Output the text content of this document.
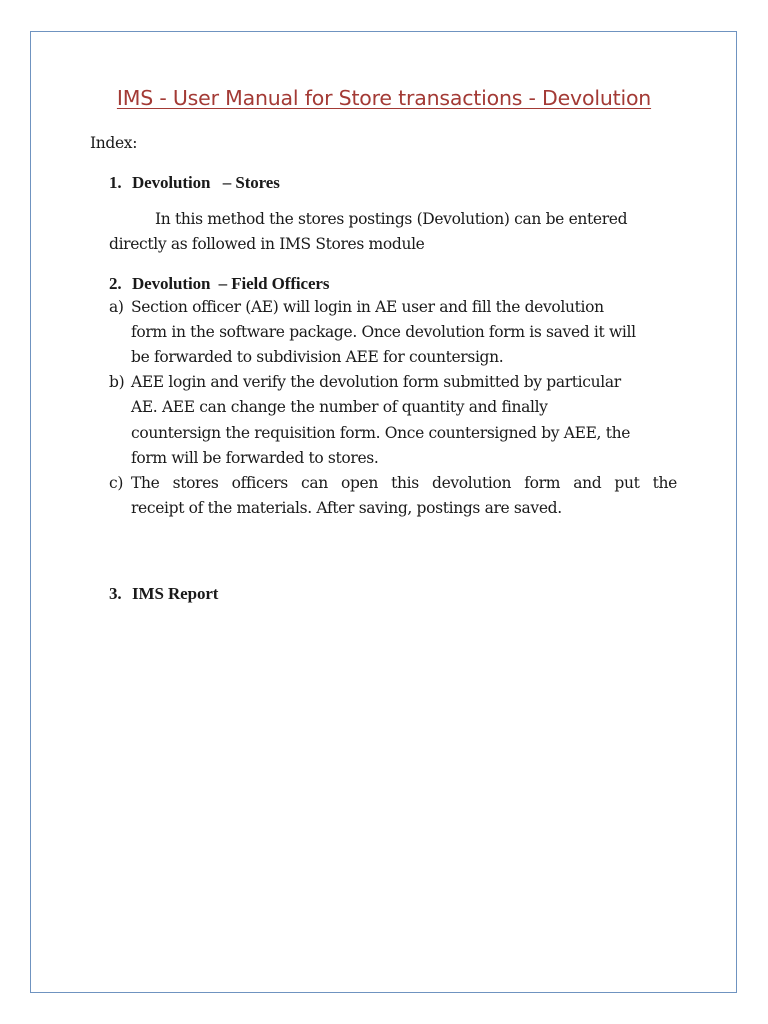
IMS - User Manual for Store transactions - Devolution
Index:
1. Devolution   – Stores
In this method the stores postings (Devolution) can be entered
directly as followed in IMS Stores module
2. Devolution  – Field Officers
a) Section officer (AE) will login in AE user and fill the devolution
form in the software package. Once devolution form is saved it will
be forwarded to subdivision AEE for countersign.
b) AEE login and verify the devolution form submitted by particular
AE. AEE can change the number of quantity and finally
countersign the requisition form. Once countersigned by AEE, the
form will be forwarded to stores.
c) The stores officers can open this devolution form and put the
receipt of the materials. After saving, postings are saved.
3. IMS Report
